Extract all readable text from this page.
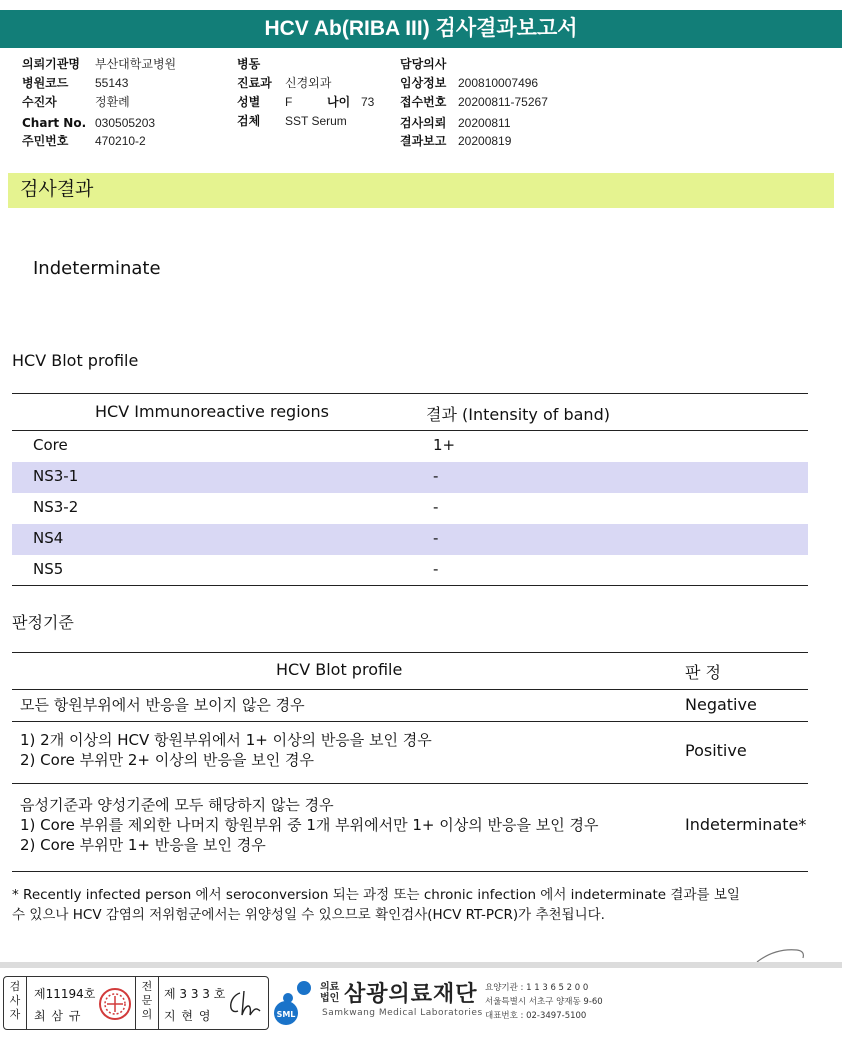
HCV Ab(RIBA III) 검사결과보고서
의뢰기관명 부산대학교병원
병원코드 55143
수진자	정환례
Chart No. 030505203
주민번호 470210-2
병동
진료과 신경외과
성별 F	나이 73
검체 SST Serum
담당의사
임상정보 200810007496
접수번호 20200811-75267
검사의뢰 20200811
결과보고 20200819
검사결과
Indeterminate
HCV Blot profile
HCV Immunoreactive regions	결과 (Intensity of band)
Core	1+
NS3-1	-
NS3-2	-
NS4	-
NS5	-
판정기준
HCV Blot profile	판 정
모든 항원부위에서 반응을 보이지 않은 경우	Negative
1) 2개 이상의 HCV 항원부위에서 1+ 이상의 반응을 보인 경우
2) Core 부위만 2+ 이상의 반응을 보인 경우	Positive
음성기준과 양성기준에 모두 해당하지 않는 경우
1) Core 부위를 제외한 나머지 항원부위 중 1개 부위에서만 1+ 이상의 반응을 보인 경우
2) Core 부위만 1+ 반응을 보인 경우
Indeterminate*
* Recently infected person 에서 seroconversion 되는 과정 또는 chronic infection 에서 indeterminate 결과를 보일
수 있으나 HCV 감염의 저위험군에서는 위양성일 수 있으므로 확인검사(HCV RT-PCR)가 추천됩니다.
검사자
제11194호
최 삼 규
전문의
제 3 3 3 호
지 현 영	SML
의료법인 삼광의료재단
Samkwang Medical Laboratories
요양기관 : 1 1 3 6 5 2 0 0
서울특별시 서초구 양재동 9-60
대표번호 : 02-3497-5100
